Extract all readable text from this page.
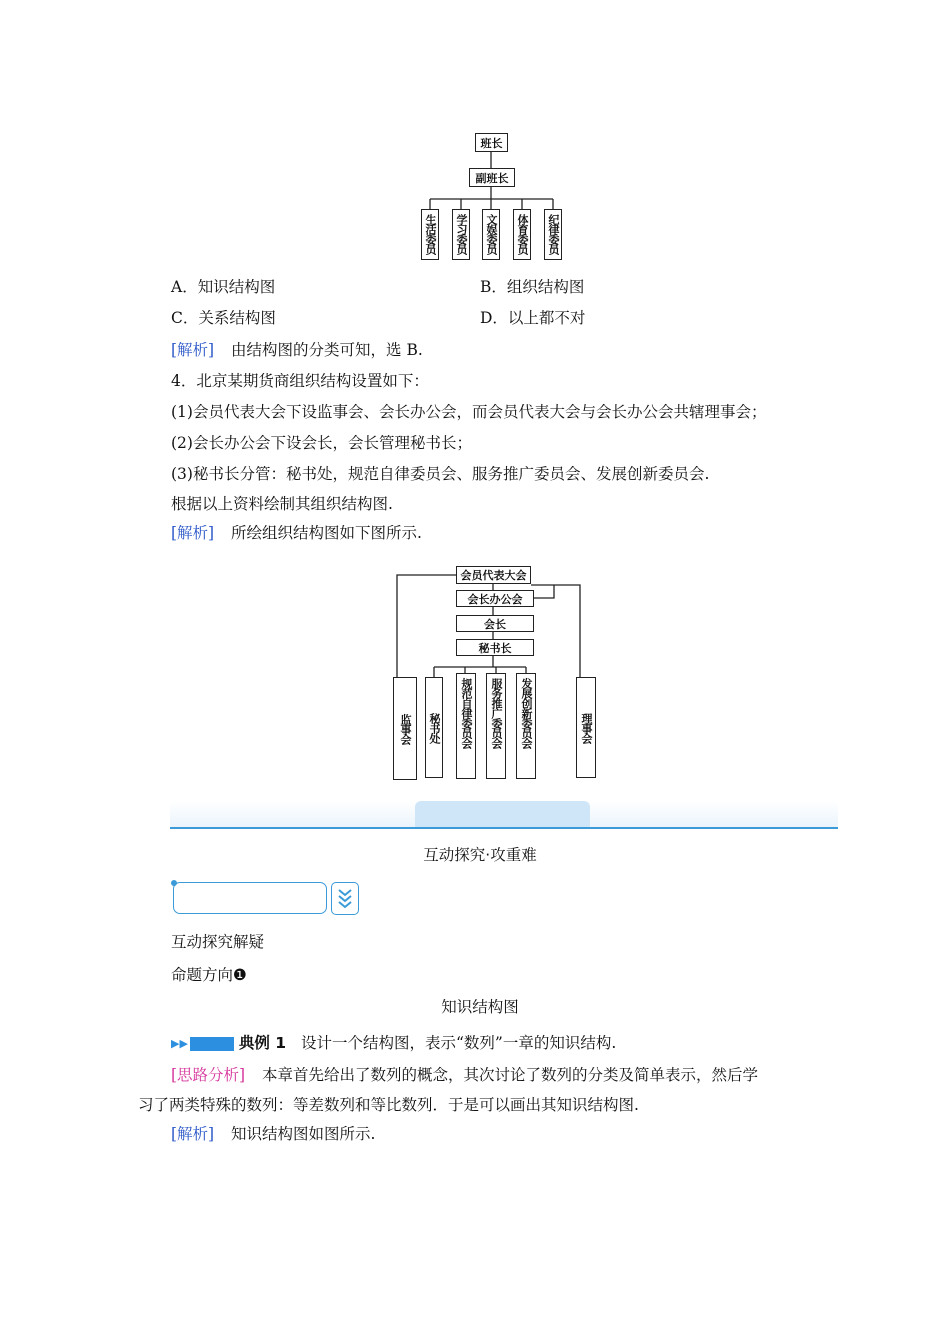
班长
副班长
生活委员 学习委员 文娱委员 体育委员 纪律委员
A．知识结构图	B．组织结构图
C．关系结构图	D．以上都不对
[解析] 由结构图的分类可知，选 B.
4．北京某期货商组织结构设置如下：
(1)会员代表大会下设监事会、会长办公会，而会员代表大会与会长办公会共辖理事会；
(2)会长办公会下设会长，会长管理秘书长；
(3)秘书长分管：秘书处，规范自律委员会、服务推广委员会、发展创新委员会.
根据以上资料绘制其组织结构图.
[解析] 所绘组织结构图如下图所示.
会员代表大会
会长办公会
会长
秘书长
监事会	秘书处	规范自律委员会	服务推广委员会	发展创新委员会	理事会
互动探究·攻重难
互动探究解疑
命题方向❶
知识结构图
▶▶	典例 1 设计一个结构图，表示“数列”一章的知识结构.
[思路分析] 本章首先给出了数列的概念，其次讨论了数列的分类及简单表示，然后学
习了两类特殊的数列：等差数列和等比数列．于是可以画出其知识结构图.
[解析] 知识结构图如图所示.
